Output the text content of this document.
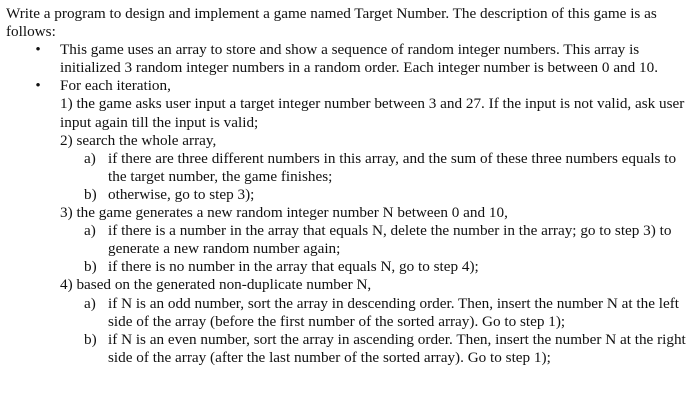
Write a program to design and implement a game named Target Number. The description of this game is as follows:

• This game uses an array to store and show a sequence of random integer numbers. This array is initialized 3 random integer numbers in a random order. Each integer number is between 0 and 10.
• For each iteration,
1) the game asks user input a target integer number between 3 and 27. If the input is not valid, ask user input again till the input is valid;
2) search the whole array,
a) if there are three different numbers in this array, and the sum of these three numbers equals to the target number, the game finishes;
b) otherwise, go to step 3);
3) the game generates a new random integer number N between 0 and 10,
a) if there is a number in the array that equals N, delete the number in the array; go to step 3) to generate a new random number again;
b) if there is no number in the array that equals N, go to step 4);
4) based on the generated non-duplicate number N,
a) if N is an odd number, sort the array in descending order. Then, insert the number N at the left side of the array (before the first number of the sorted array). Go to step 1);
b) if N is an even number, sort the array in ascending order. Then, insert the number N at the right side of the array (after the last number of the sorted array). Go to step 1);
